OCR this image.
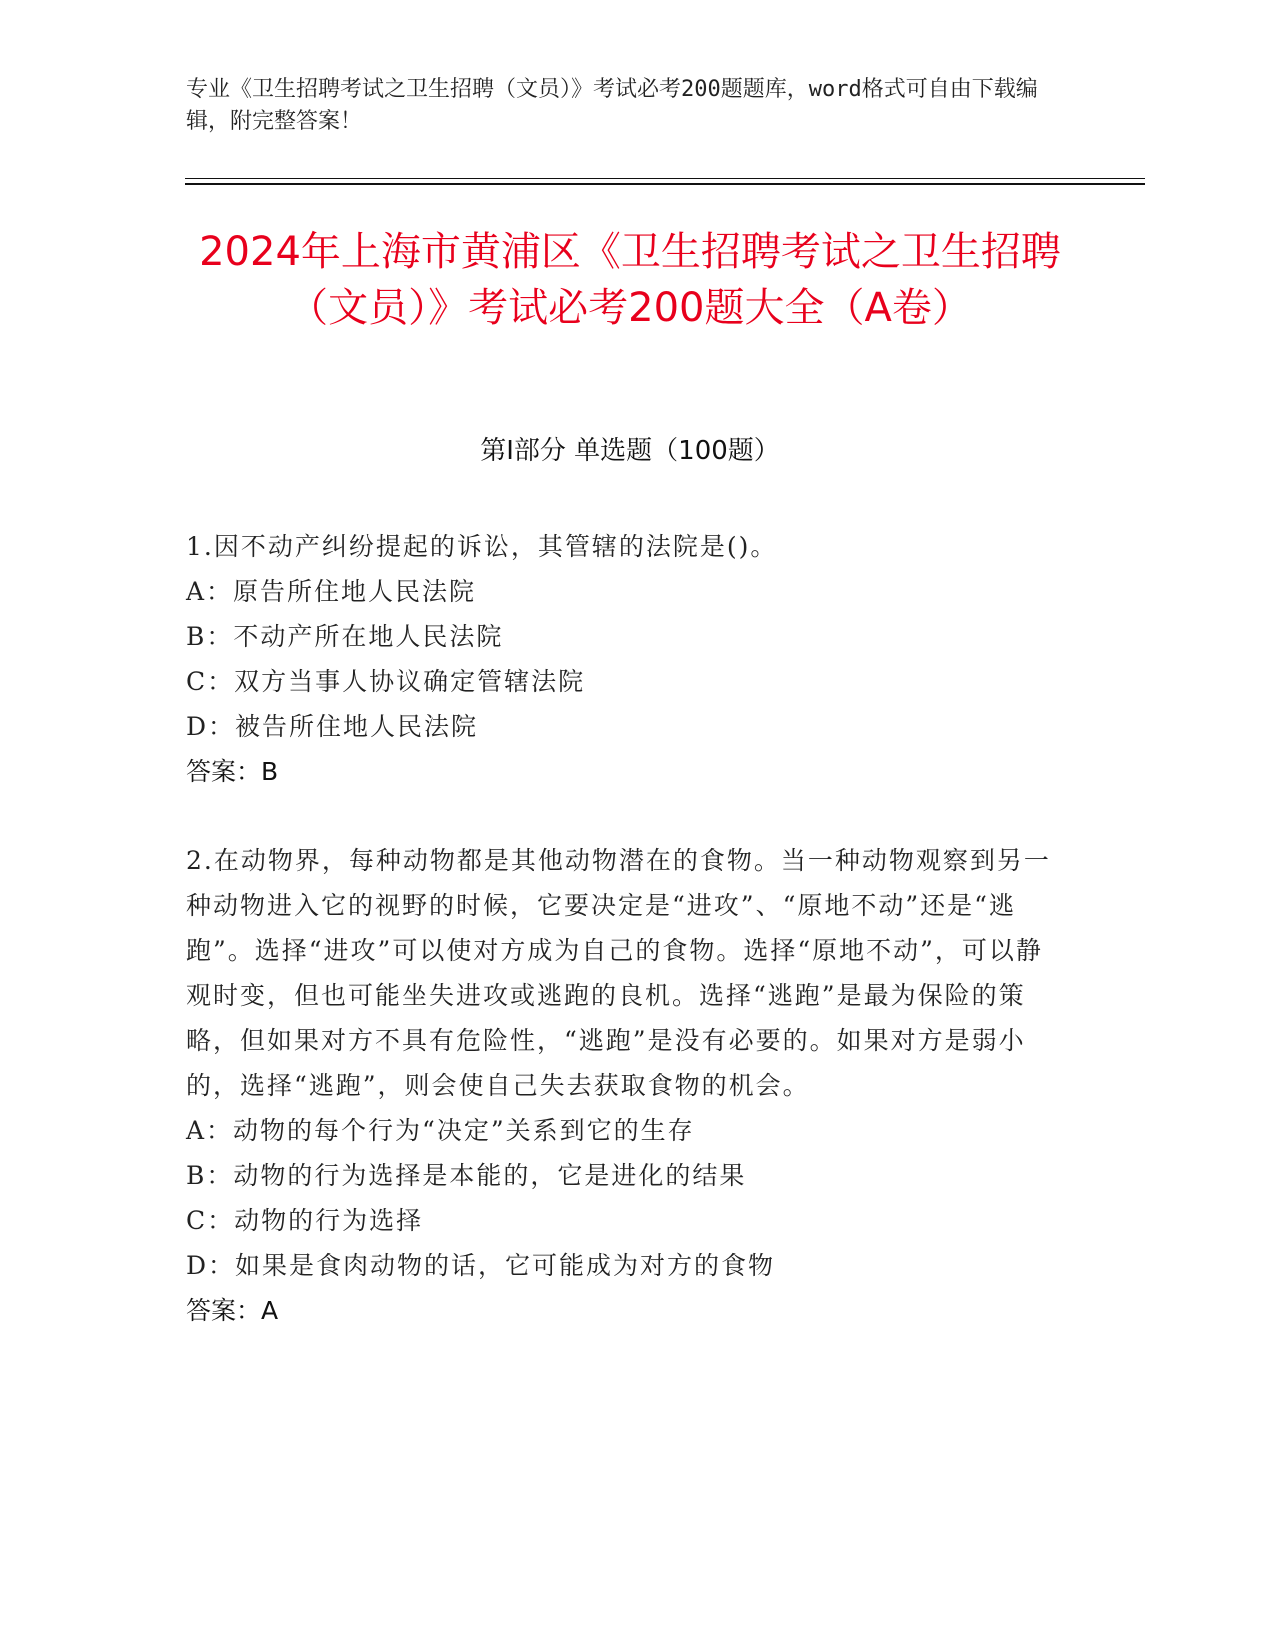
专业《卫生招聘考试之卫生招聘（文员）》考试必考200题题库，word格式可自由下载编辑，附完整答案！
2024年上海市黄浦区《卫生招聘考试之卫生招聘（文员）》考试必考200题大全（A卷）
第I部分 单选题（100题）
1.因不动产纠纷提起的诉讼，其管辖的法院是()。
A：原告所住地人民法院
B：不动产所在地人民法院
C：双方当事人协议确定管辖法院
D：被告所住地人民法院
答案：B
2.在动物界，每种动物都是其他动物潜在的食物。当一种动物观察到另一种动物进入它的视野的时候，它要决定是“进攻”、“原地不动”还是“逃跑”。选择“进攻”可以使对方成为自己的食物。选择“原地不动”，可以静观时变，但也可能坐失进攻或逃跑的良机。选择“逃跑”是最为保险的策略，但如果对方不具有危险性，“逃跑”是没有必要的。如果对方是弱小的，选择“逃跑”，则会使自己失去获取食物的机会。
A：动物的每个行为“决定”关系到它的生存
B：动物的行为选择是本能的，它是进化的结果
C：动物的行为选择
D：如果是食肉动物的话，它可能成为对方的食物
答案：A
